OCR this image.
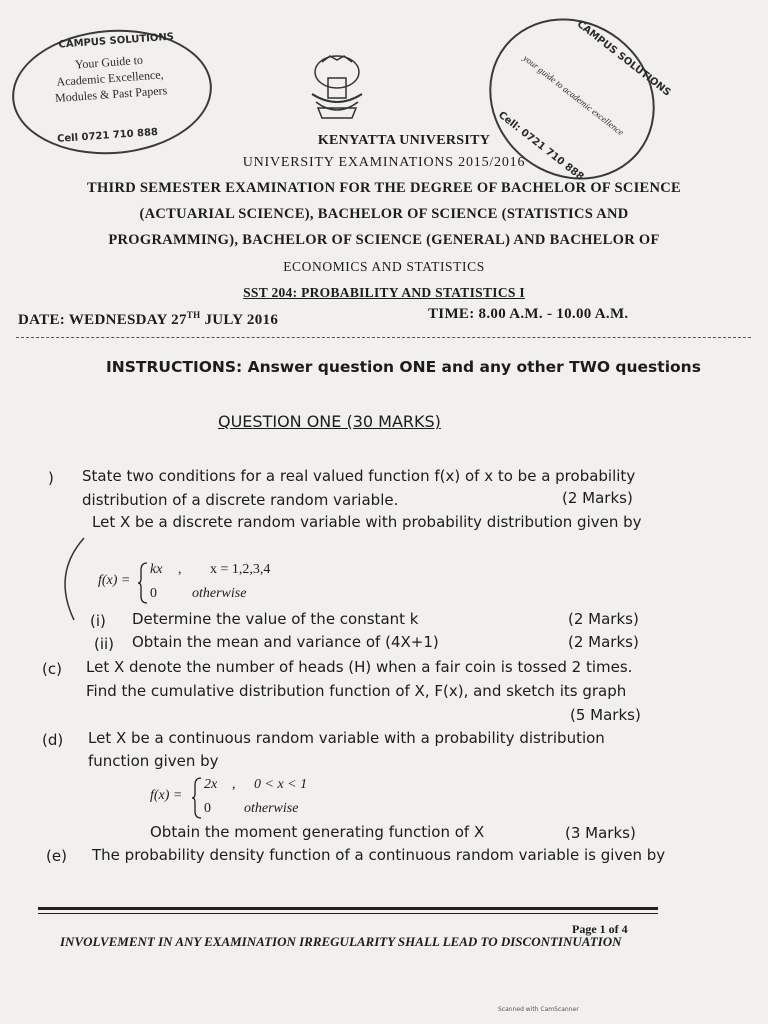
CAMPUS SOLUTIONS
Your Guide to
Academic Excellence,
Modules & Past Papers
Cell 0721 710 888
CAMPUS SOLUTIONS
your guide to academic excellence
Cell: 0721 710 888
KENYATTA UNIVERSITY
UNIVERSITY EXAMINATIONS 2015/2016
THIRD SEMESTER EXAMINATION FOR THE DEGREE OF BACHELOR OF SCIENCE
(ACTUARIAL SCIENCE), BACHELOR OF SCIENCE (STATISTICS AND
PROGRAMMING), BACHELOR OF SCIENCE (GENERAL) AND BACHELOR OF
ECONOMICS AND STATISTICS
SST 204: PROBABILITY AND STATISTICS I
DATE: WEDNESDAY 27TH JULY 2016	TIME: 8.00 A.M. - 10.00 A.M.
INSTRUCTIONS: Answer question ONE and any other TWO questions
QUESTION ONE (30 MARKS)
) State two conditions for a real valued function f(x) of x to be a probability
distribution of a discrete random variable.	(2 Marks)
Let X be a discrete random variable with probability distribution given by
f(x) =
kx , x = 1,2,3,4
0	otherwise
(i) Determine the value of the constant k	(2 Marks)
(ii) Obtain the mean and variance of (4X+1)	(2 Marks)
(c) Let X denote the number of heads (H) when a fair coin is tossed 2 times.
Find the cumulative distribution function of X, F(x), and sketch its graph
(5 Marks)
(d) Let X be a continuous random variable with a probability distribution
function given by
f(x) =
2x , 0 < x < 1
0 otherwise
Obtain the moment generating function of X	(3 Marks)
(e) The probability density function of a continuous random variable is given by
Page 1 of 4
INVOLVEMENT IN ANY EXAMINATION IRREGULARITY SHALL LEAD TO DISCONTINUATION
Scanned with CamScanner
